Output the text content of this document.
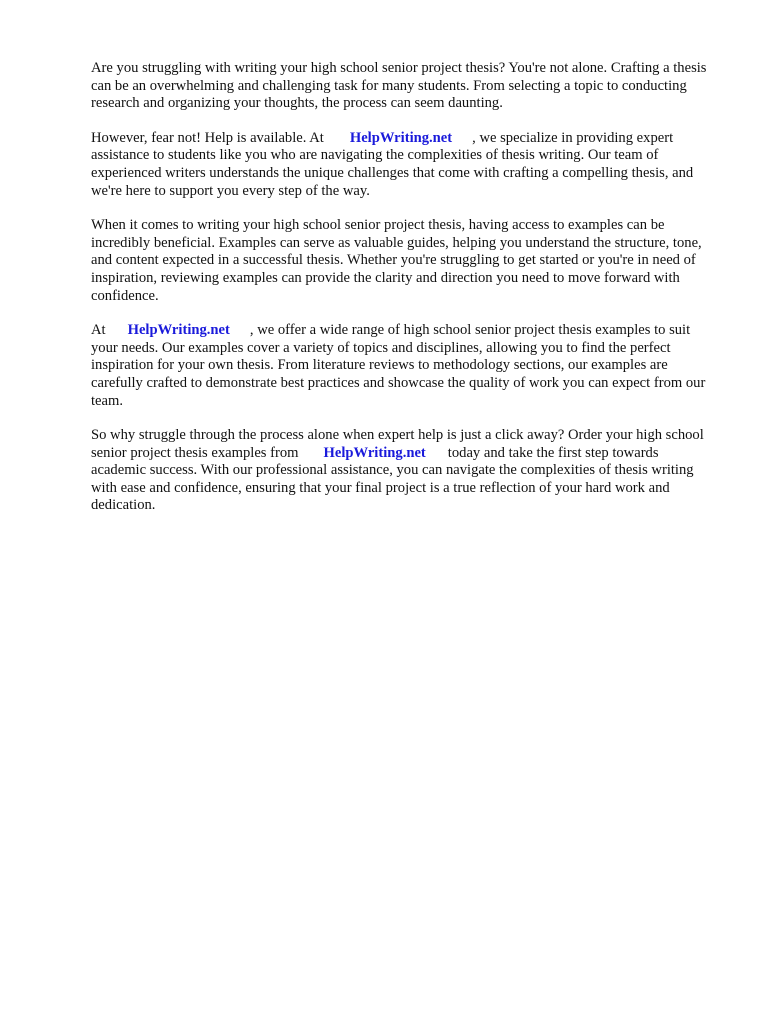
Are you struggling with writing your high school senior project thesis? You're not alone. Crafting a thesis can be an overwhelming and challenging task for many students. From selecting a topic to conducting research and organizing your thoughts, the process can seem daunting.

However, fear not! Help is available. At HelpWriting.net , we specialize in providing expert assistance to students like you who are navigating the complexities of thesis writing. Our team of experienced writers understands the unique challenges that come with crafting a compelling thesis, and we're here to support you every step of the way.

When it comes to writing your high school senior project thesis, having access to examples can be incredibly beneficial. Examples can serve as valuable guides, helping you understand the structure, tone, and content expected in a successful thesis. Whether you're struggling to get started or you're in need of inspiration, reviewing examples can provide the clarity and direction you need to move forward with confidence.

At HelpWriting.net , we offer a wide range of high school senior project thesis examples to suit your needs. Our examples cover a variety of topics and disciplines, allowing you to find the perfect inspiration for your own thesis. From literature reviews to methodology sections, our examples are carefully crafted to demonstrate best practices and showcase the quality of work you can expect from our team.

So why struggle through the process alone when expert help is just a click away? Order your high school senior project thesis examples from HelpWriting.net today and take the first step towards academic success. With our professional assistance, you can navigate the complexities of thesis writing with ease and confidence, ensuring that your final project is a true reflection of your hard work and dedication.
